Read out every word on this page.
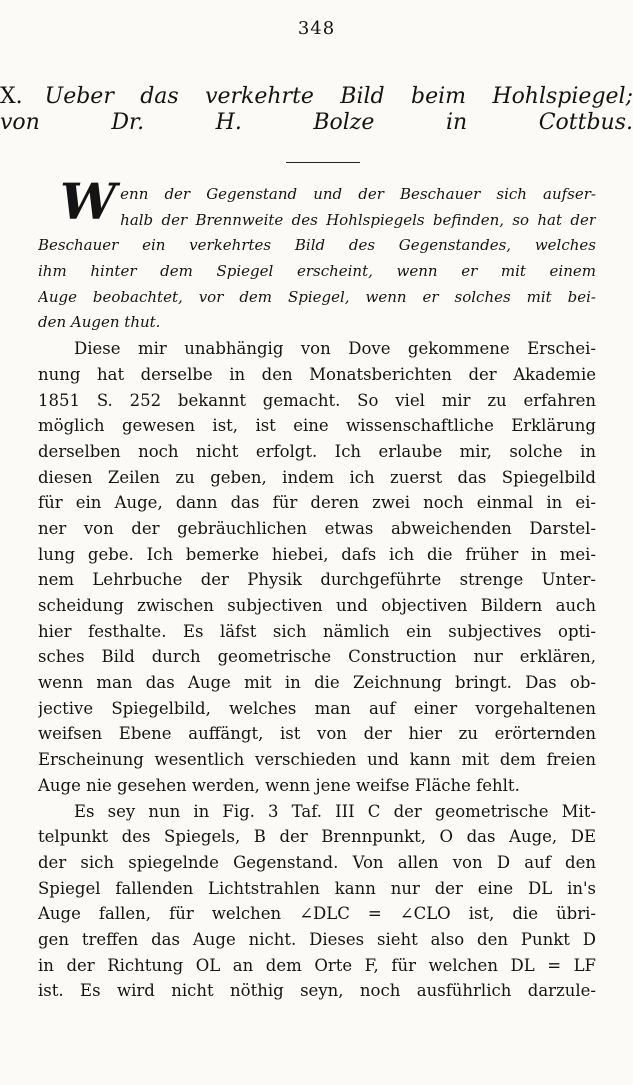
348
X. Ueber das verkehrte Bild beim Hohlspiegel;
von Dr. H. Bolze in Cottbus.
W enn der Gegenstand und der Beschauer sich aufser-
halb der Brennweite des Hohlspiegels befinden, so hat der
Beschauer ein verkehrtes Bild des Gegenstandes, welches
ihm hinter dem Spiegel erscheint, wenn er mit einem
Auge beobachtet, vor dem Spiegel, wenn er solches mit bei-
den Augen thut.
Diese mir unabhängig von Dove gekommene Erschei-
nung hat derselbe in den Monatsberichten der Akademie
1851 S. 252 bekannt gemacht. So viel mir zu erfahren
möglich gewesen ist, ist eine wissenschaftliche Erklärung
derselben noch nicht erfolgt. Ich erlaube mir, solche in
diesen Zeilen zu geben, indem ich zuerst das Spiegelbild
für ein Auge, dann das für deren zwei noch einmal in ei-
ner von der gebräuchlichen etwas abweichenden Darstel-
lung gebe. Ich bemerke hiebei, dafs ich die früher in mei-
nem Lehrbuche der Physik durchgeführte strenge Unter-
scheidung zwischen subjectiven und objectiven Bildern auch
hier festhalte. Es läfst sich nämlich ein subjectives opti-
sches Bild durch geometrische Construction nur erklären,
wenn man das Auge mit in die Zeichnung bringt. Das ob-
jective Spiegelbild, welches man auf einer vorgehaltenen
weifsen Ebene auffängt, ist von der hier zu erörternden
Erscheinung wesentlich verschieden und kann mit dem freien
Auge nie gesehen werden, wenn jene weifse Fläche fehlt.
Es sey nun in Fig. 3 Taf. III C der geometrische Mit-
telpunkt des Spiegels, B der Brennpunkt, O das Auge, DE
der sich spiegelnde Gegenstand. Von allen von D auf den
Spiegel fallenden Lichtstrahlen kann nur der eine DL in's
Auge fallen, für welchen ∠DLC = ∠CLO ist, die übri-
gen treffen das Auge nicht. Dieses sieht also den Punkt D
in der Richtung OL an dem Orte F, für welchen DL = LF
ist. Es wird nicht nöthig seyn, noch ausführlich darzule-
